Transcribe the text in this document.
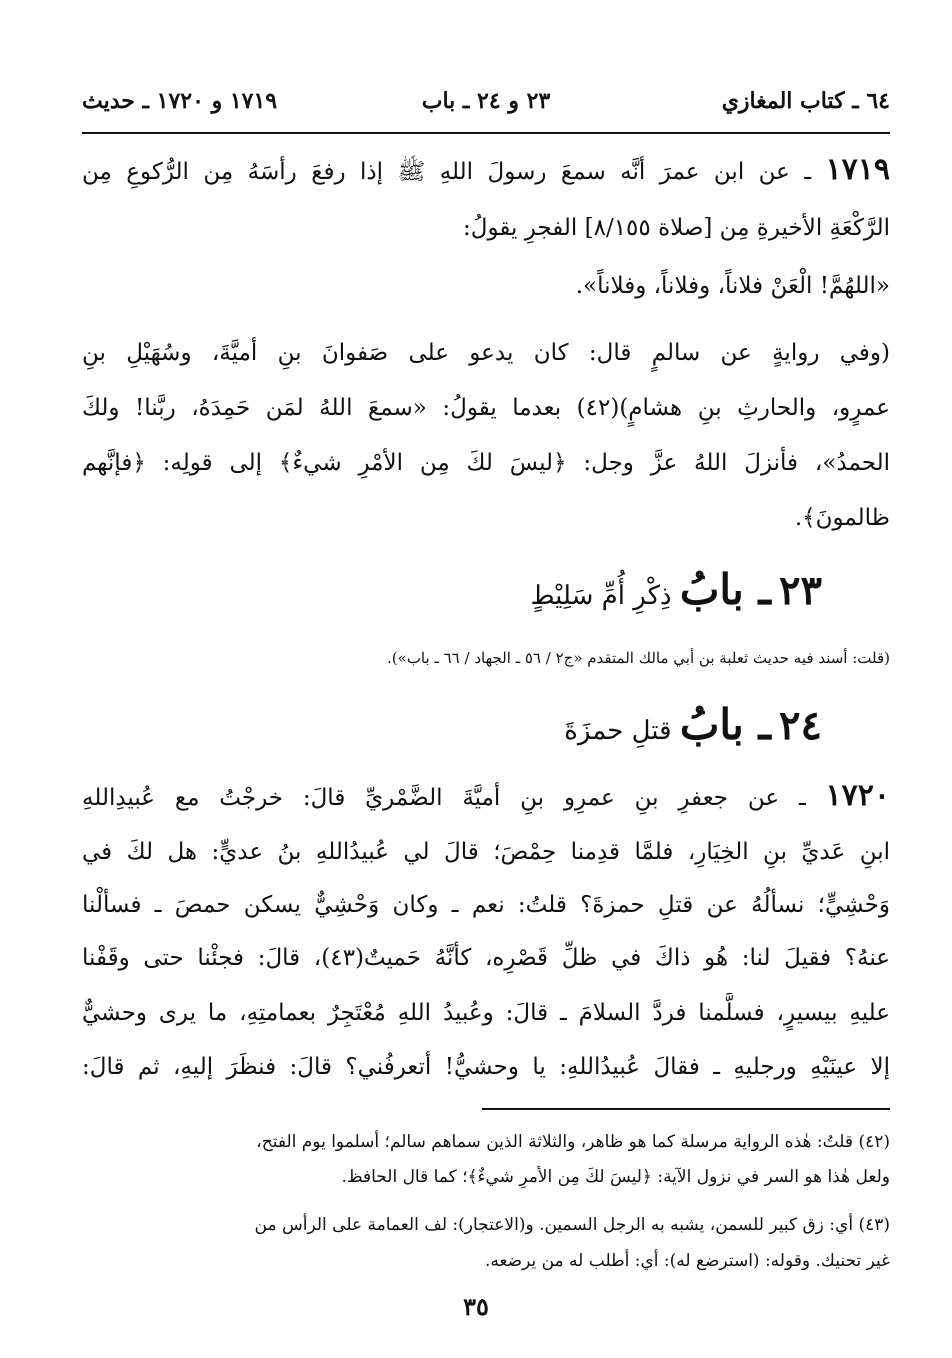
٦٤ ـ كتاب المغازي
٢٣ و ٢٤ ـ باب
١٧١٩ و ١٧٢٠ ـ حديث
١٧١٩ ـ عن ابن عمرَ أنَّه سمعَ رسولَ اللهِ ﷺ إذا رفعَ رأسَهُ مِن الرُّكوعِ مِن
الرَّكْعَةِ الأخيرةِ مِن [صلاة ٨/١٥٥] الفجرِ يقولُ:
«اللهُمَّ! الْعَنْ فلاناً، وفلاناً، وفلاناً».
(وفي روايةٍ عن سالمٍ قال: كان يدعو على صَفوانَ بنِ أميَّةَ، وسُهَيْلِ بنِ
عمرٍو، والحارثِ بنِ هشامٍ)(٤٢) بعدما يقولُ: «سمعَ اللهُ لمَن حَمِدَهُ، ربَّنا! ولكَ
الحمدُ»، فأنزلَ اللهُ عزَّ وجل: ﴿ليسَ لكَ مِن الأمْرِ شيءٌ﴾ إلى قولِه: ﴿فإنَّهم
ظالمونَ﴾.
٢٣ ـ بابُ ذِكْرِ أُمِّ سَلِيْطٍ
(قلت: أسند فيه حديث ثعلبة بن أبي مالك المتقدم «ج٢ / ٥٦ ـ الجهاد / ٦٦ ـ باب»).
٢٤ ـ بابُ قتلِ حمزَةَ
١٧٢٠ ـ عن جعفرِ بنِ عمرِو بنِ أميَّةَ الضَّمْريِّ قالَ: خرجْتُ مع عُبيدِاللهِ
ابنِ عَديِّ بنِ الخِيَارِ، فلمَّا قدِمنا حِمْصَ؛ قالَ لي عُبيدُاللهِ بنُ عديٍّ: هل لكَ في
وَحْشِيٍّ؛ نسألُهُ عن قتلِ حمزةَ؟ قلتُ: نعم ـ وكان وَحْشِيٌّ يسكن حمصَ ـ فسألْنا
عنهُ؟ فقيلَ لنا: هُو ذاكَ في ظلِّ قَصْرِه، كأنَّهُ حَميتٌ(٤٣)، قالَ: فجئْنا حتى وقَفْنا
عليهِ بيسيرٍ، فسلَّمنا فردَّ السلامَ ـ قالَ: وعُبيدُ اللهِ مُعْتَجِرٌ بعمامتِهِ، ما يرى وحشيٌّ
إلا عينَيْهِ ورجليهِ ـ فقالَ عُبيدُاللهِ: يا وحشيُّ! أتعرفُني؟ قالَ: فنظَرَ إليهِ، ثم قالَ:
(٤٢) قلتُ: هٰذه الرواية مرسلة كما هو ظاهر، والثلاثة الذين سماهم سالم؛ أسلموا يوم الفتح،
ولعل هٰذا هو السر في نزول الآية: ﴿ليسَ لكَ مِن الأمرِ شيءٌ﴾؛ كما قال الحافظ.
(٤٣) أي: زق كبير للسمن، يشبه به الرجل السمين. و(الاعتجار): لف العمامة على الرأس من
غير تحنيك. وقوله: (استرضع له): أي: أطلب له من يرضعه.
٣٥
